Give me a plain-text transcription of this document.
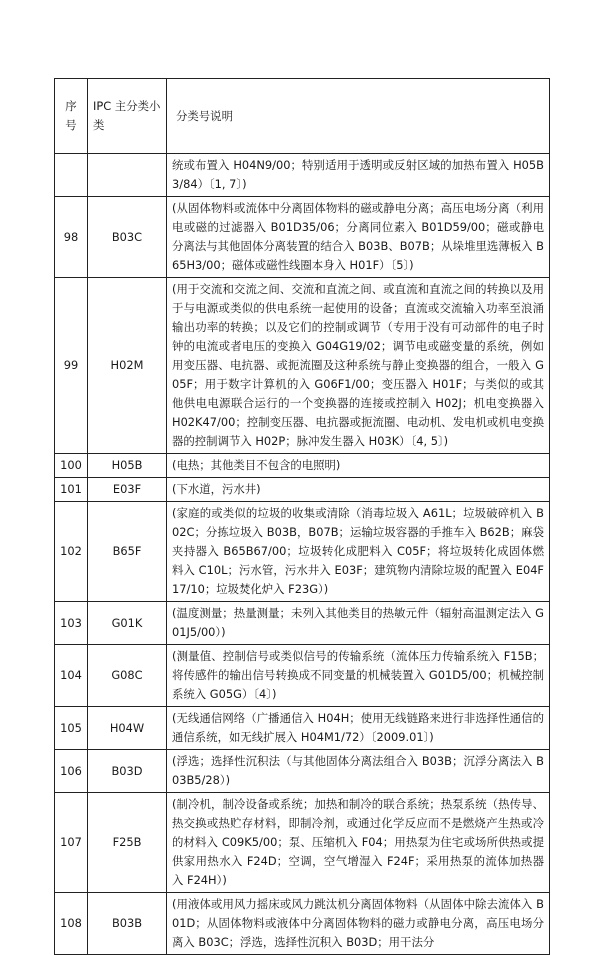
序号	IPC 主分类小类	分类号说明
		统或布置入 H04N9/00；特别适用于透明或反射区域的加热布置入 H05B3/84）〔1, 7〕)
98	B03C	(从固体物料或流体中分离固体物料的磁或静电分离；高压电场分离（利用电或磁的过滤器入 B01D35/06；分离同位素入 B01D59/00；磁或静电分离法与其他固体分离装置的结合入 B03B、B07B；从垛堆里选薄板入 B65H3/00；磁体或磁性线圈本身入 H01F）〔5〕)
99	H02M	(用于交流和交流之间、交流和直流之间、或直流和直流之间的转换以及用于与电源或类似的供电系统一起使用的设备；直流或交流输入功率至浪涌输出功率的转换；以及它们的控制或调节（专用于没有可动部件的电子时钟的电流或者电压的变换入 G04G19/02；调节电或磁变量的系统，例如用变压器、电抗器、或扼流圈及这种系统与静止变换器的组合，一般入 G05F；用于数字计算机的入 G06F1/00；变压器入 H01F；与类似的或其他供电电源联合运行的一个变换器的连接或控制入 H02J；机电变换器入 H02K47/00；控制变压器、电抗器或扼流圈、电动机、发电机或机电变换器的控制调节入 H02P；脉冲发生器入 H03K）〔4, 5〕)
100	H05B	(电热；其他类目不包含的电照明)
101	E03F	(下水道，污水井)
102	B65F	(家庭的或类似的垃圾的收集或清除（消毒垃圾入 A61L；垃圾破碎机入 B02C；分拣垃圾入 B03B，B07B；运输垃圾容器的手推车入 B62B；麻袋夹持器入 B65B67/00；垃圾转化成肥料入 C05F；将垃圾转化成固体燃料入 C10L；污水管，污水井入 E03F；建筑物内清除垃圾的配置入 E04F17/10；垃圾焚化炉入 F23G）)
103	G01K	(温度测量；热量测量；未列入其他类目的热敏元件（辐射高温测定法入 G01J5/00）)
104	G08C	(测量值、控制信号或类似信号的传输系统（流体压力传输系统入 F15B；将传感件的输出信号转换成不同变量的机械装置入 G01D5/00；机械控制系统入 G05G）〔4〕)
105	H04W	(无线通信网络（广播通信入 H04H；使用无线链路来进行非选择性通信的通信系统，如无线扩展入 H04M1/72）〔2009.01〕)
106	B03D	(浮选；选择性沉积法（与其他固体分离法组合入 B03B；沉浮分离法入 B03B5/28）)
107	F25B	(制冷机，制冷设备或系统；加热和制冷的联合系统；热泵系统（热传导、热交换或热贮存材料，即制冷剂，或通过化学反应而不是燃烧产生热或冷的材料入 C09K5/00；泵、压缩机入 F04；用热泵为住宅或场所供热或提供家用热水入 F24D；空调，空气增湿入 F24F；采用热泵的流体加热器入 F24H）)
108	B03B	(用液体或用风力摇床或风力跳汰机分离固体物料（从固体中除去流体入 B01D；从固体物料或液体中分离固体物料的磁力或静电分离，高压电场分离入 B03C；浮选，选择性沉积入 B03D；用干法分
